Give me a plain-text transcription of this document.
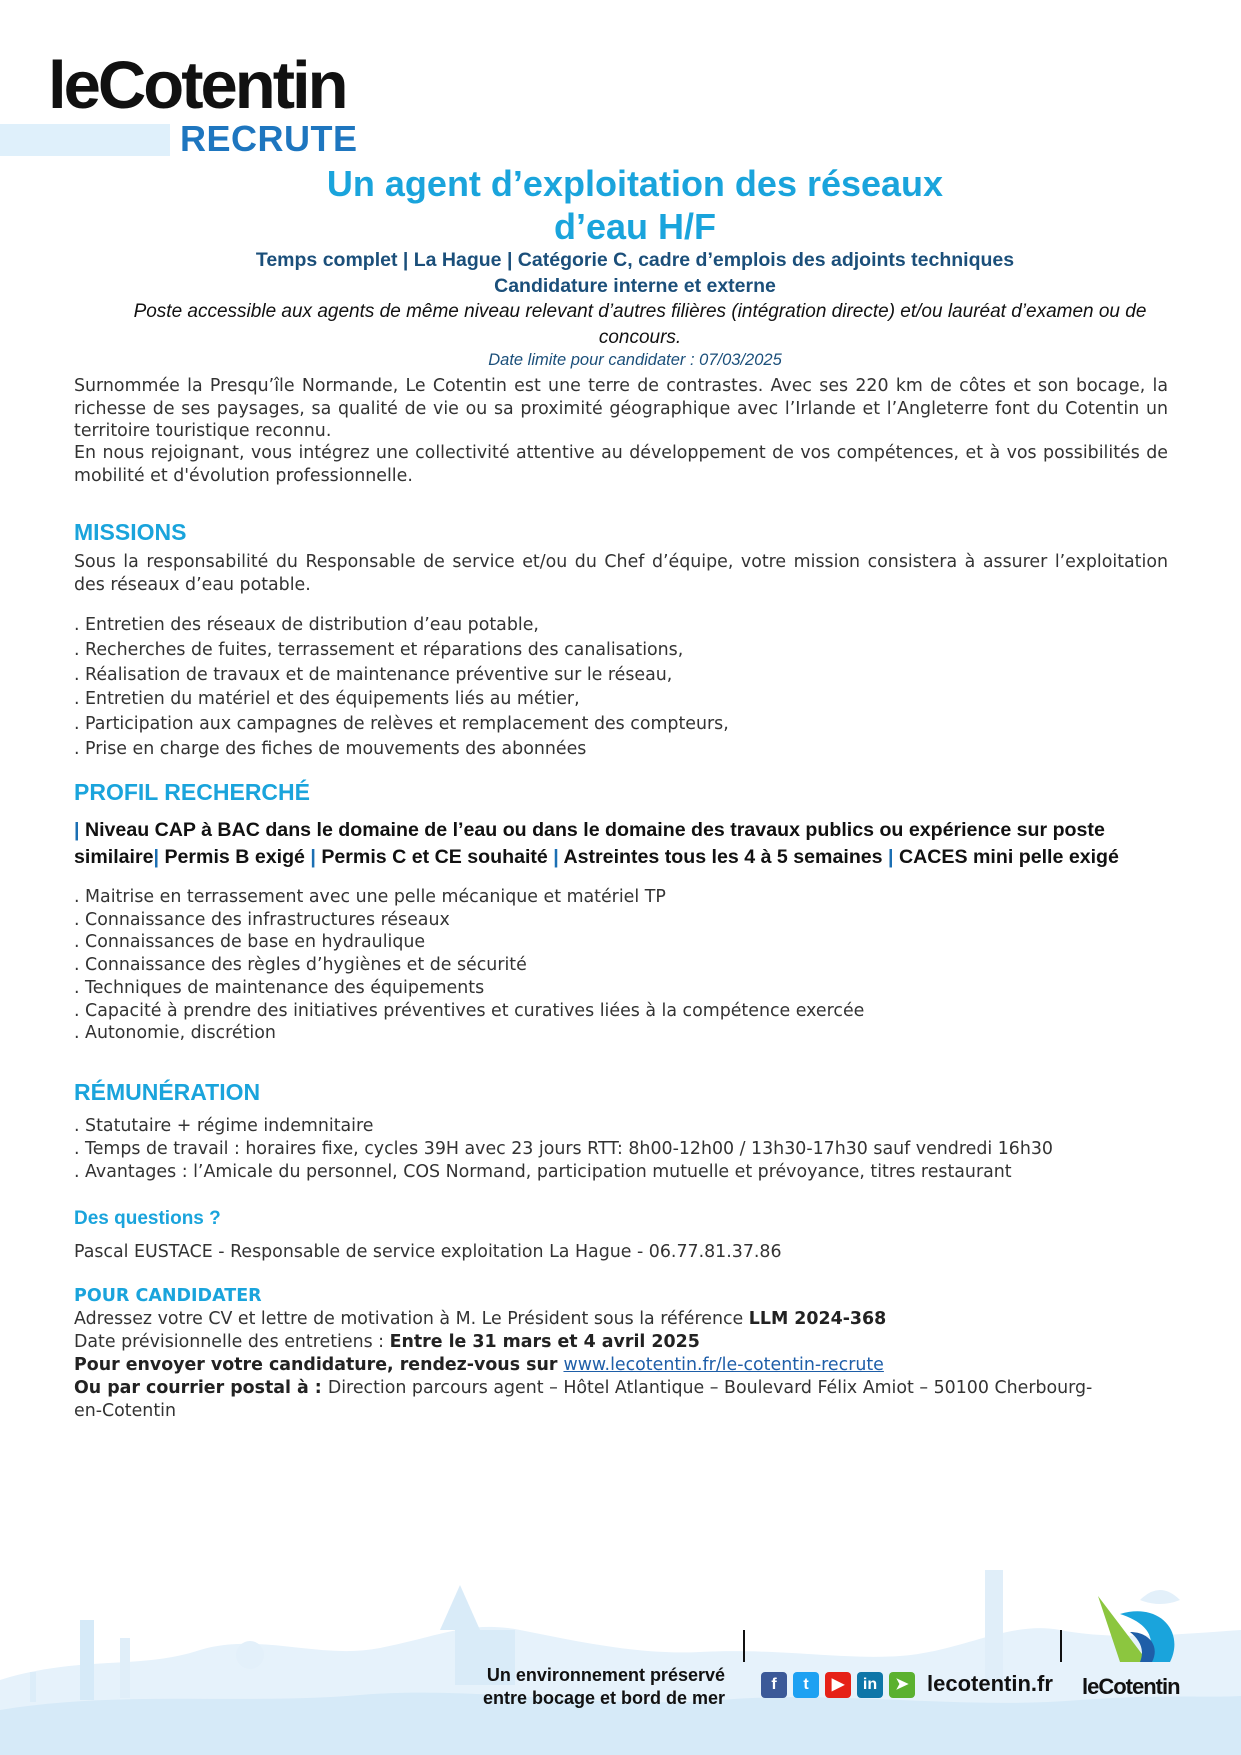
leCotentin
RECRUTE
Un agent d’exploitation des réseaux
d’eau H/F
Temps complet | La Hague | Catégorie C, cadre d’emplois des adjoints techniques
Candidature interne et externe
Poste accessible aux agents de même niveau relevant d’autres filières (intégration directe) et/ou lauréat d’examen ou de concours.
Date limite pour candidater : 07/03/2025
Surnommée la Presqu’île Normande, Le Cotentin est une terre de contrastes. Avec ses 220 km de côtes et son bocage, la richesse de ses paysages, sa qualité de vie ou sa proximité géographique avec l’Irlande et l’Angleterre font du Cotentin un territoire touristique reconnu.
En nous rejoignant, vous intégrez une collectivité attentive au développement de vos compétences, et à vos possibilités de mobilité et d'évolution professionnelle.
MISSIONS
Sous la responsabilité du Responsable de service et/ou du Chef d’équipe, votre mission consistera à assurer l’exploitation des réseaux d’eau potable.
. Entretien des réseaux de distribution d’eau potable,
. Recherches de fuites, terrassement et réparations des canalisations,
. Réalisation de travaux et de maintenance préventive sur le réseau,
. Entretien du matériel et des équipements liés au métier,
. Participation aux campagnes de relèves et remplacement des compteurs,
. Prise en charge des fiches de mouvements des abonnées
PROFIL RECHERCHÉ
| Niveau CAP à BAC dans le domaine de l’eau ou dans le domaine des travaux publics ou expérience sur poste similaire| Permis B exigé | Permis C et CE souhaité | Astreintes tous les 4 à 5 semaines | CACES mini pelle exigé
. Maitrise en terrassement avec une pelle mécanique et matériel TP
. Connaissance des infrastructures réseaux
. Connaissances de base en hydraulique
. Connaissance des règles d’hygiènes et de sécurité
. Techniques de maintenance des équipements
. Capacité à prendre des initiatives préventives et curatives liées à la compétence exercée
. Autonomie, discrétion
RÉMUNÉRATION
. Statutaire + régime indemnitaire
. Temps de travail : horaires fixe, cycles 39H avec 23 jours RTT: 8h00-12h00 / 13h30-17h30 sauf vendredi 16h30
. Avantages : l’Amicale du personnel, COS Normand, participation mutuelle et prévoyance, titres restaurant
Des questions ?
Pascal EUSTACE - Responsable de service exploitation La Hague - 06.77.81.37.86
POUR CANDIDATER
Adressez votre CV et lettre de motivation à M. Le Président sous la référence LLM 2024-368
Date prévisionnelle des entretiens : Entre le 31 mars et 4 avril 2025
Pour envoyer votre candidature, rendez-vous sur www.lecotentin.fr/le-cotentin-recrute
Ou par courrier postal à : Direction parcours agent – Hôtel Atlantique – Boulevard Félix Amiot – 50100 Cherbourg-
en-Cotentin
Un environnement préservé
entre bocage et bord de mer
f	t	▶	in	➤ lecotentin.fr leCotentin
